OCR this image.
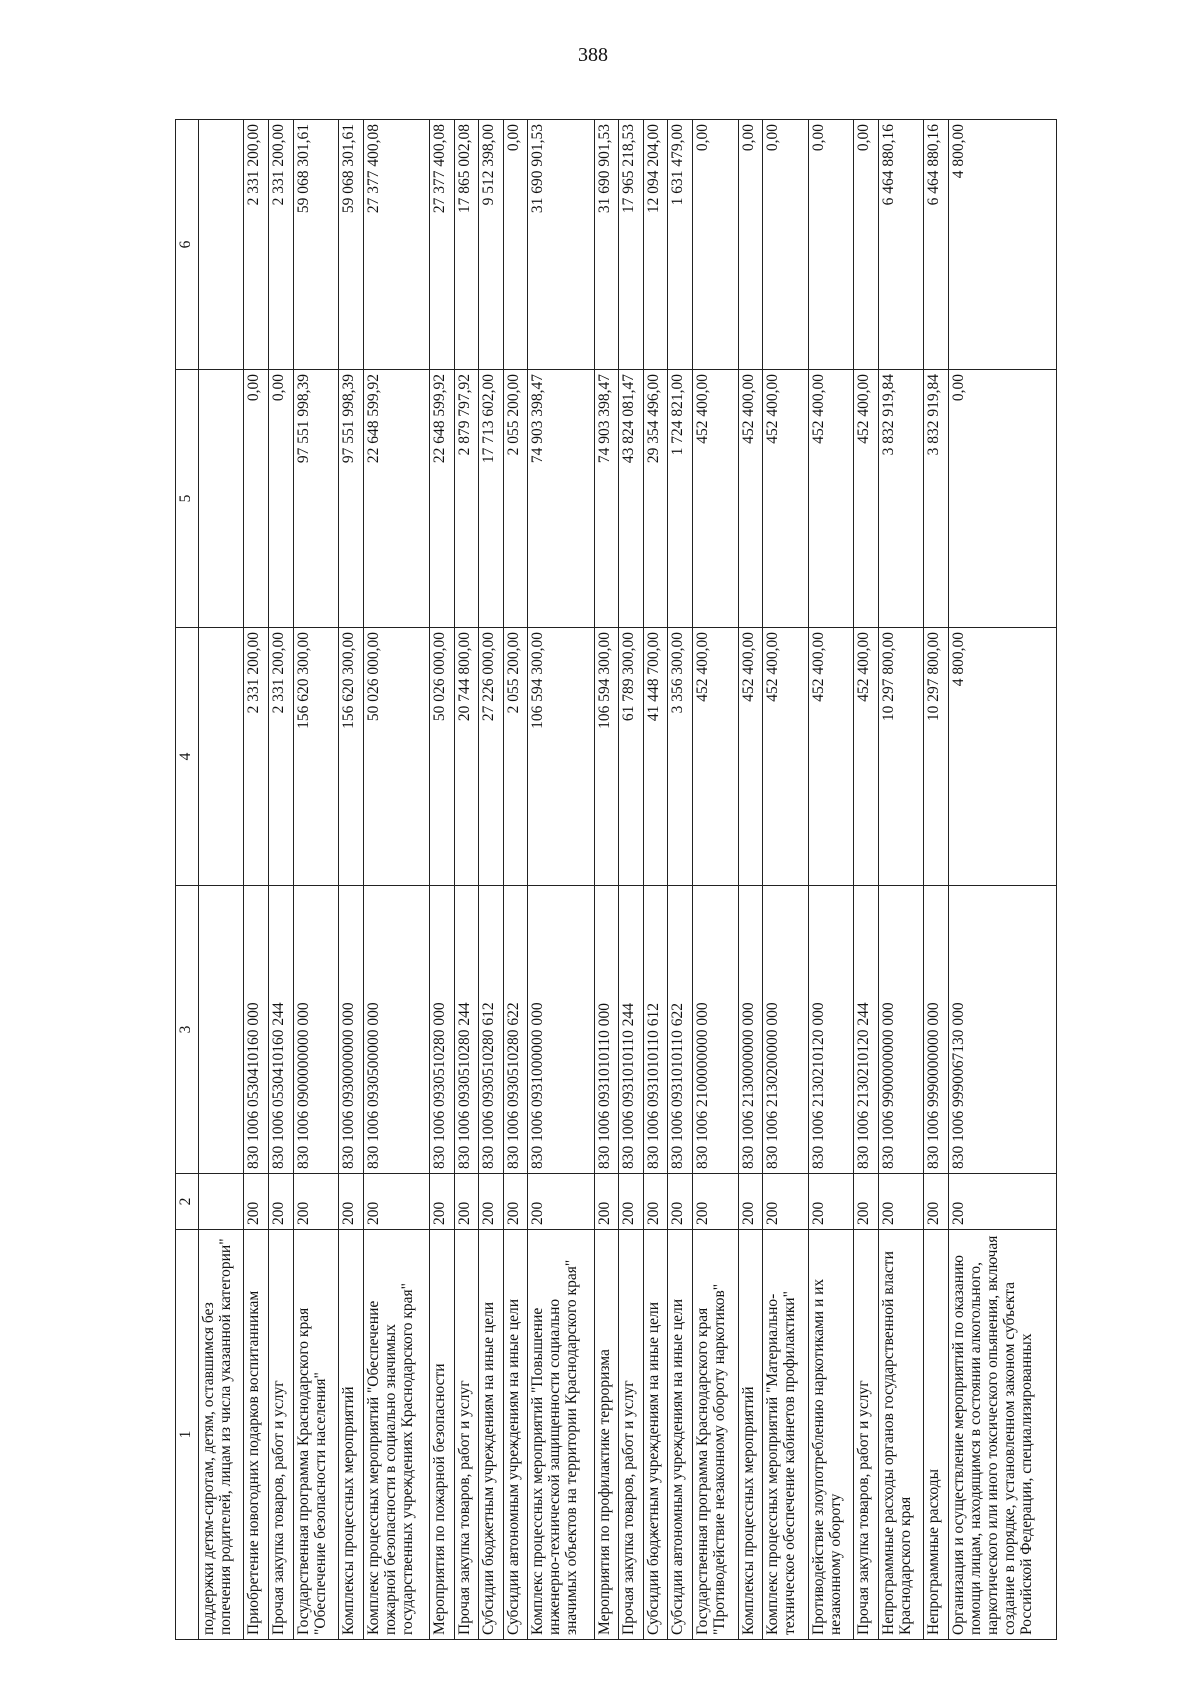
388
1	2	3	4	5	6
поддержки детям-сиротам, детям, оставшимся без попечения родителей, лицам из числа указанной категории"					
Приобретение новогодних подарков воспитанникам	200	830 1006 0530410160 000	2 331 200,00	0,00	2 331 200,00
Прочая закупка товаров, работ и услуг	200	830 1006 0530410160 244	2 331 200,00	0,00	2 331 200,00
Государственная программа Краснодарского края "Обеспечение безопасности населения"	200	830 1006 0900000000 000	156 620 300,00	97 551 998,39	59 068 301,61
Комплексы процессных мероприятий	200	830 1006 0930000000 000	156 620 300,00	97 551 998,39	59 068 301,61
Комплекс процессных мероприятий "Обеспечение пожарной безопасности в социально значимых государственных учреждениях Краснодарского края"	200	830 1006 0930500000 000	50 026 000,00	22 648 599,92	27 377 400,08
Мероприятия по пожарной безопасности	200	830 1006 0930510280 000	50 026 000,00	22 648 599,92	27 377 400,08
Прочая закупка товаров, работ и услуг	200	830 1006 0930510280 244	20 744 800,00	2 879 797,92	17 865 002,08
Субсидии бюджетным учреждениям на иные цели	200	830 1006 0930510280 612	27 226 000,00	17 713 602,00	9 512 398,00
Субсидии автономным учреждениям на иные цели	200	830 1006 0930510280 622	2 055 200,00	2 055 200,00	0,00
Комплекс процессных мероприятий "Повышение инженерно-технической защищенности социально значимых объектов на территории Краснодарского края"	200	830 1006 0931000000 000	106 594 300,00	74 903 398,47	31 690 901,53
Мероприятия по профилактике терроризма	200	830 1006 0931010110 000	106 594 300,00	74 903 398,47	31 690 901,53
Прочая закупка товаров, работ и услуг	200	830 1006 0931010110 244	61 789 300,00	43 824 081,47	17 965 218,53
Субсидии бюджетным учреждениям на иные цели	200	830 1006 0931010110 612	41 448 700,00	29 354 496,00	12 094 204,00
Субсидии автономным учреждениям на иные цели	200	830 1006 0931010110 622	3 356 300,00	1 724 821,00	1 631 479,00
Государственная программа Краснодарского края "Противодействие незаконному обороту наркотиков"	200	830 1006 2100000000 000	452 400,00	452 400,00	0,00
Комплексы процессных мероприятий	200	830 1006 2130000000 000	452 400,00	452 400,00	0,00
Комплекс процессных мероприятий "Материально-техническое обеспечение кабинетов профилактики"	200	830 1006 2130200000 000	452 400,00	452 400,00	0,00
Противодействие злоупотреблению наркотиками и их незаконному обороту	200	830 1006 2130210120 000	452 400,00	452 400,00	0,00
Прочая закупка товаров, работ и услуг	200	830 1006 2130210120 244	452 400,00	452 400,00	0,00
Непрограммные расходы органов государственной власти Краснодарского края	200	830 1006 9900000000 000	10 297 800,00	3 832 919,84	6 464 880,16
Непрограммные расходы	200	830 1006 9990000000 000	10 297 800,00	3 832 919,84	6 464 880,16
Организация и осуществление мероприятий по оказанию помощи лицам, находящимся в состоянии алкогольного, наркотического или иного токсического опьянения, включая создание в порядке, установленном законом субъекта Российской Федерации, специализированных	200	830 1006 9990067130 000	4 800,00	0,00	4 800,00
